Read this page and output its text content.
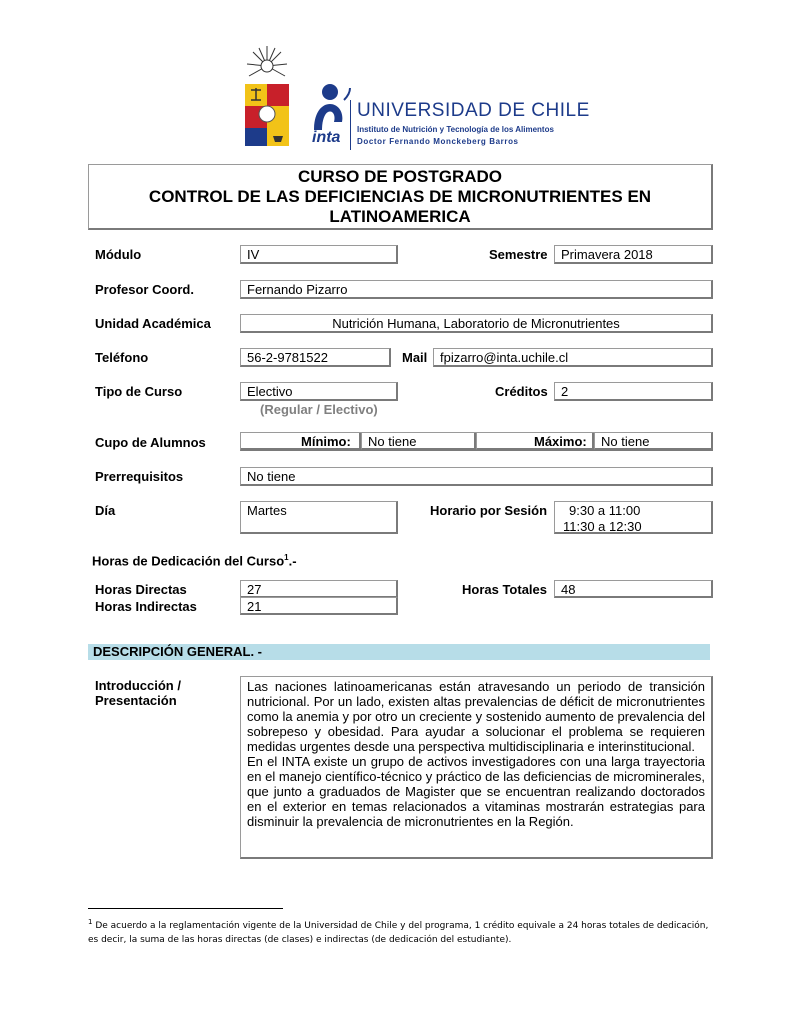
inta
UNIVERSIDAD DE CHILE
Instituto de Nutrición y Tecnología de los Alimentos
Doctor Fernando Monckeberg Barros
CURSO DE POSTGRADO
CONTROL DE LAS DEFICIENCIAS DE MICRONUTRIENTES EN
LATINOAMERICA
Módulo	IV	Semestre	Primavera 2018
Profesor Coord.	Fernando Pizarro
Unidad Académica	Nutrición Humana, Laboratorio de Micronutrientes
Teléfono	56-2-9781522	Mail fpizarro@inta.uchile.cl
Tipo de Curso	Electivo
(Regular / Electivo)
Créditos	2
Cupo de Alumnos	Mínimo:	No tiene	Máximo:	No tiene
Prerrequisitos	No tiene
Día	Martes	Horario por Sesión	9:30 a 11:00
11:30 a 12:30
Horas de Dedicación del Curso$^1$.-
Horas Directas	27
Horas Indirectas	21
Horas Totales	48
DESCRIPCIÓN GENERAL. -
Introducción /
Presentación

Las naciones latinoamericanas están atravesando un periodo de transición nutricional. Por un lado, existen altas prevalencias de déficit de micronutrientes como la anemia y por otro un creciente y sostenido aumento de prevalencia del sobrepeso y obesidad. Para ayudar a solucionar el problema se requieren medidas urgentes desde una perspectiva multidisciplinaria e interinstitucional.

En el INTA existe un grupo de activos investigadores con una larga trayectoria en el manejo científico-técnico y práctico de las deficiencias de microminerales, que junto a graduados de Magister que se encuentran realizando doctorados en el exterior en temas relacionados a vitaminas mostrarán estrategias para disminuir la prevalencia de micronutrientes en la Región.

$^1$ De acuerdo a la reglamentación vigente de la Universidad de Chile y del programa, 1 crédito equivale a 24 horas totales de dedicación, es decir, la suma de las horas directas (de clases) e indirectas (de dedicación del estudiante).
